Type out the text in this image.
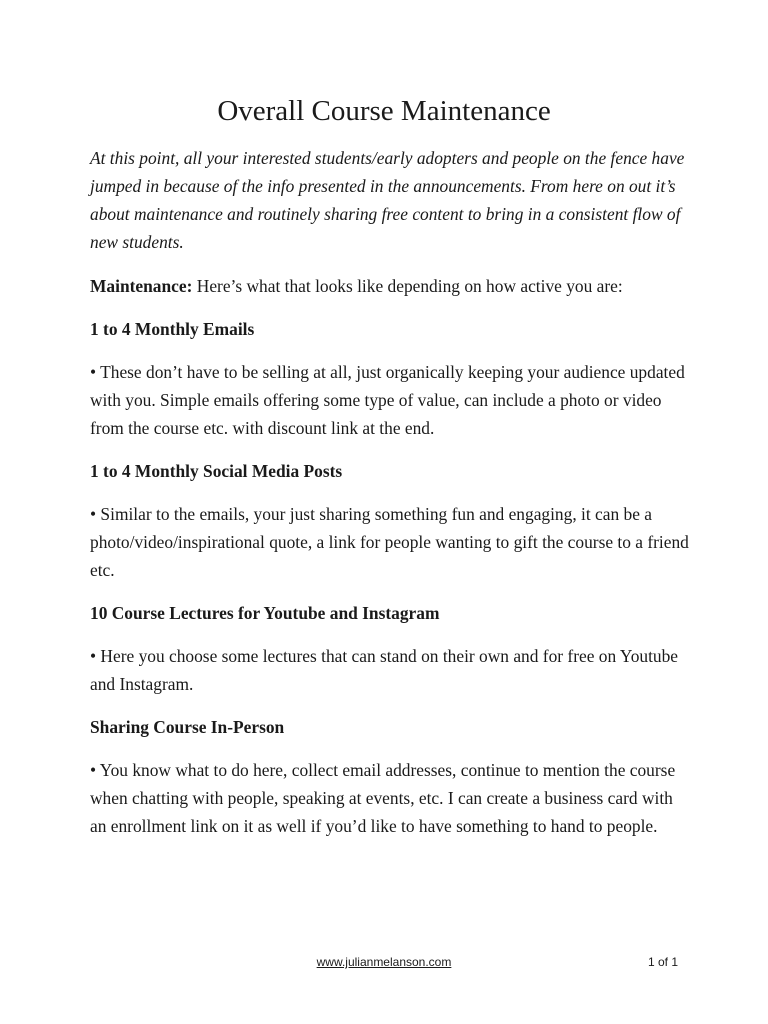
Overall Course Maintenance

At this point, all your interested students/early adopters and people on the fence have jumped in because of the info presented in the announcements. From here on out it’s about maintenance and routinely sharing free content to bring in a consistent flow of new students.

Maintenance: Here’s what that looks like depending on how active you are:

1 to 4 Monthly Emails

• These don’t have to be selling at all, just organically keeping your audience updated with you. Simple emails offering some type of value, can include a photo or video from the course etc. with discount link at the end.

1 to 4 Monthly Social Media Posts

• Similar to the emails, your just sharing something fun and engaging, it can be a photo/video/inspirational quote, a link for people wanting to gift the course to a friend etc.

10 Course Lectures for Youtube and Instagram

• Here you choose some lectures that can stand on their own and for free on Youtube and Instagram.

Sharing Course In-Person

• You know what to do here, collect email addresses, continue to mention the course when chatting with people, speaking at events, etc. I can create a business card with an enrollment link on it as well if you’d like to have something to hand to people.

www.julianmelanson.com	1 of 1
